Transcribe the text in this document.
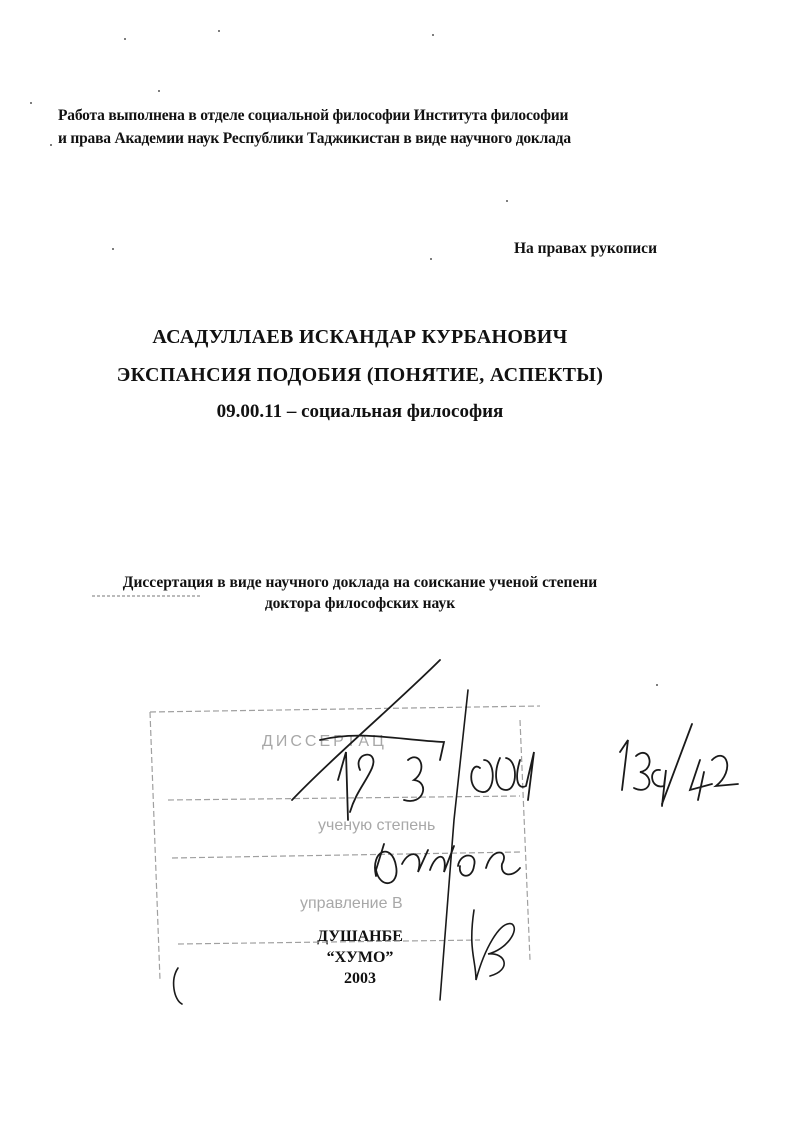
Работа выполнена в отделе социальной философии Института философии
и права Академии наук Республики Таджикистан в виде научного доклада
На правах рукописи
АСАДУЛЛАЕВ ИСКАНДАР КУРБАНОВИЧ
ЭКСПАНСИЯ ПОДОБИЯ (ПОНЯТИЕ, АСПЕКТЫ)
09.00.11 – социальная философия
Диссертация в виде научного доклада на соискание ученой степени
доктора философских наук
ДУШАНБЕ
“ХУМО”
2003
ДИССЕРТАЦ
ученую степень
управление В
